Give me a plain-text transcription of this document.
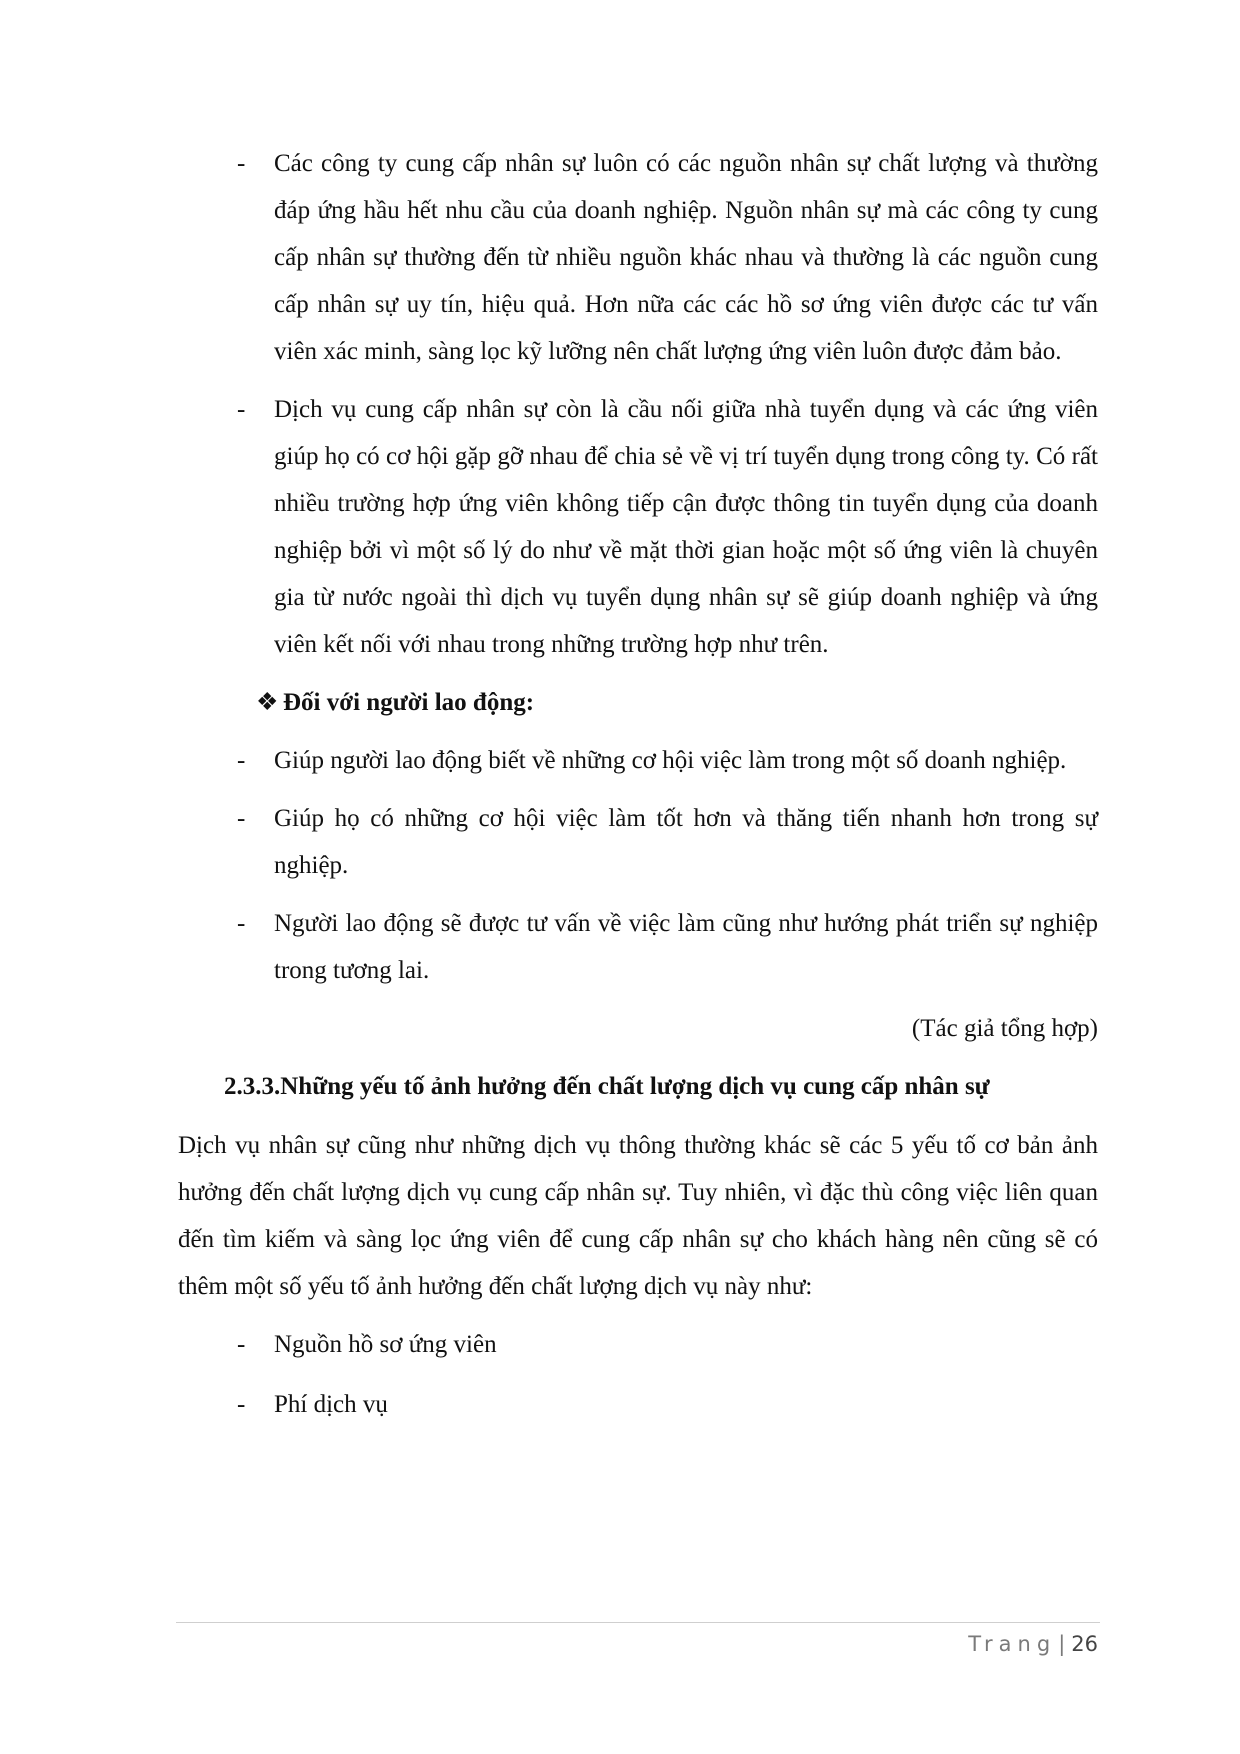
- Các công ty cung cấp nhân sự luôn có các nguồn nhân sự chất lượng và thường đáp ứng hầu hết nhu cầu của doanh nghiệp. Nguồn nhân sự mà các công ty cung cấp nhân sự thường đến từ nhiều nguồn khác nhau và thường là các nguồn cung cấp nhân sự uy tín, hiệu quả. Hơn nữa các các hồ sơ ứng viên được các tư vấn viên xác minh, sàng lọc kỹ lưỡng nên chất lượng ứng viên luôn được đảm bảo.
- Dịch vụ cung cấp nhân sự còn là cầu nối giữa nhà tuyển dụng và các ứng viên giúp họ có cơ hội gặp gỡ nhau để chia sẻ về vị trí tuyển dụng trong công ty. Có rất nhiều trường hợp ứng viên không tiếp cận được thông tin tuyển dụng của doanh nghiệp bởi vì một số lý do như về mặt thời gian hoặc một số ứng viên là chuyên gia từ nước ngoài thì dịch vụ tuyển dụng nhân sự sẽ giúp doanh nghiệp và ứng viên kết nối với nhau trong những trường hợp như trên.
❖ Đối với người lao động:
- Giúp người lao động biết về những cơ hội việc làm trong một số doanh nghiệp.
- Giúp họ có những cơ hội việc làm tốt hơn và thăng tiến nhanh hơn trong sự nghiệp.
- Người lao động sẽ được tư vấn về việc làm cũng như hướng phát triển sự nghiệp trong tương lai.
(Tác giả tổng hợp)
2.3.3.Những yếu tố ảnh hưởng đến chất lượng dịch vụ cung cấp nhân sự
Dịch vụ nhân sự cũng như những dịch vụ thông thường khác sẽ các 5 yếu tố cơ bản ảnh hưởng đến chất lượng dịch vụ cung cấp nhân sự. Tuy nhiên, vì đặc thù công việc liên quan đến tìm kiếm và sàng lọc ứng viên để cung cấp nhân sự cho khách hàng nên cũng sẽ có thêm một số yếu tố ảnh hưởng đến chất lượng dịch vụ này như:
- Nguồn hồ sơ ứng viên
- Phí dịch vụ
Trang| 26
